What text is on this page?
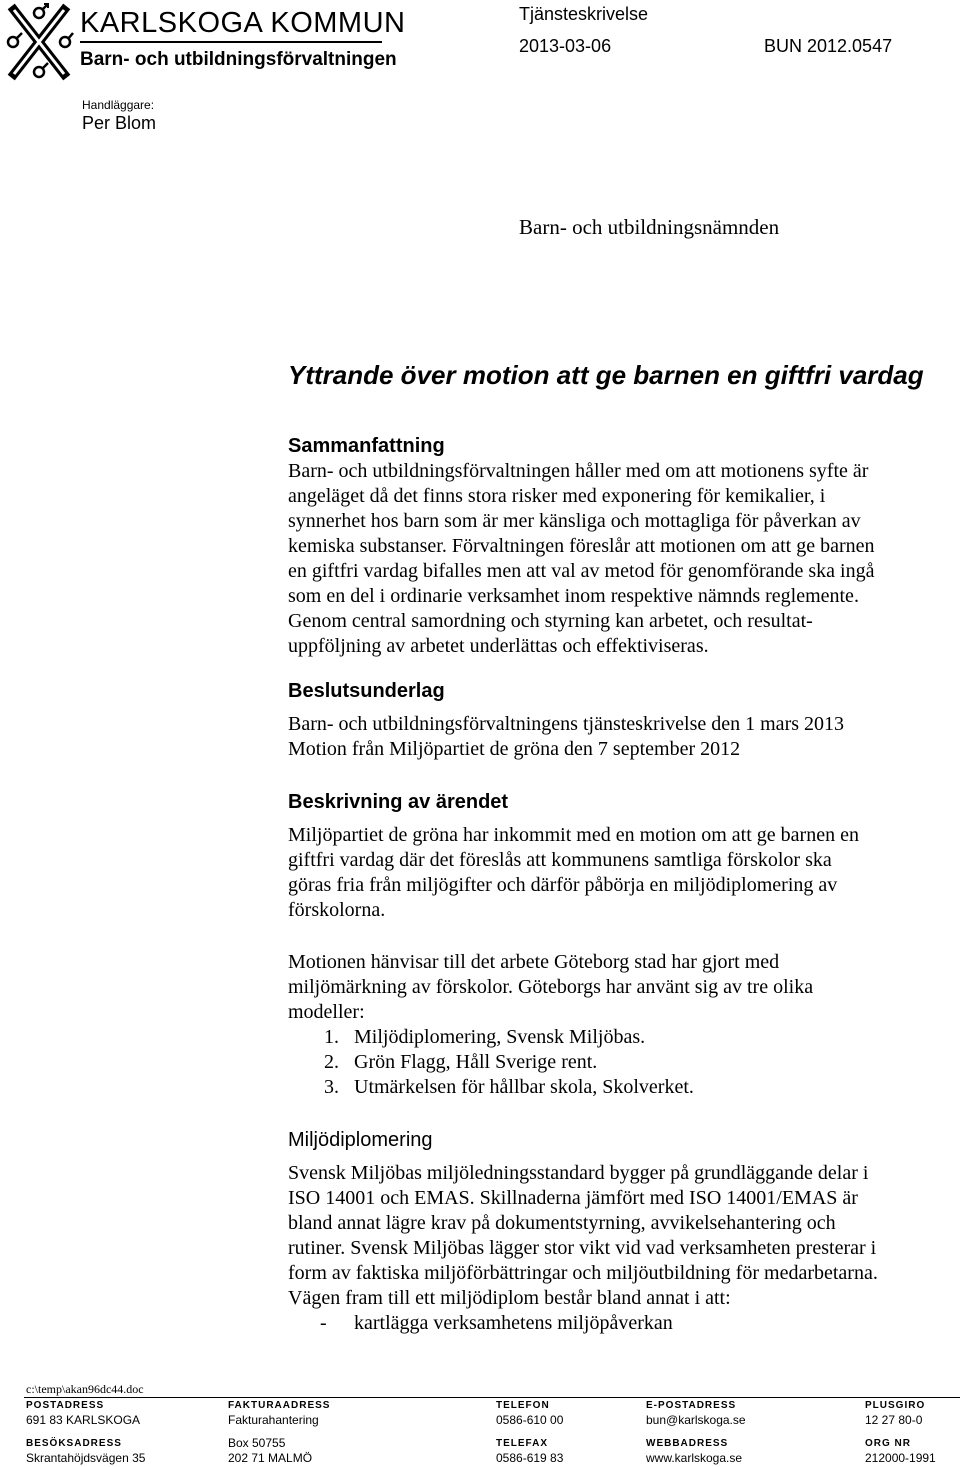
KARLSKOGA KOMMUN
Barn- och utbildningsförvaltningen
Tjänsteskrivelse
2013-03-06	BUN 2012.0547
Handläggare:
Per Blom
Barn- och utbildningsnämnden
Yttrande över motion att ge barnen en giftfri vardag
Sammanfattning

Barn- och utbildningsförvaltningen håller med om att motionens syfte är

angeläget då det finns stora risker med exponering för kemikalier, i

synnerhet hos barn som är mer känsliga och mottagliga för påverkan av

kemiska substanser. Förvaltningen föreslår att motionen om att ge barnen

en giftfri vardag bifalles men att val av metod för genomförande ska ingå

som en del i ordinarie verksamhet inom respektive nämnds reglemente.

Genom central samordning och styrning kan arbetet, och resultat-

uppföljning av arbetet underlättas och effektiviseras.

Beslutsunderlag

Barn- och utbildningsförvaltningens tjänsteskrivelse den 1 mars 2013

Motion från Miljöpartiet de gröna den 7 september 2012

Beskrivning av ärendet

Miljöpartiet de gröna har inkommit med en motion om att ge barnen en

giftfri vardag där det föreslås att kommunens samtliga förskolor ska

göras fria från miljögifter och därför påbörja en miljödiplomering av

förskolorna.

Motionen hänvisar till det arbete Göteborg stad har gjort med

miljömärkning av förskolor. Göteborgs har använt sig av tre olika

modeller:

1. Miljödiplomering, Svensk Miljöbas.
2. Grön Flagg, Håll Sverige rent.
3. Utmärkelsen för hållbar skola, Skolverket.
Miljödiplomering

Svensk Miljöbas miljöledningsstandard bygger på grundläggande delar i

ISO 14001 och EMAS. Skillnaderna jämfört med ISO 14001/EMAS är

bland annat lägre krav på dokumentstyrning, avvikelsehantering och

rutiner. Svensk Miljöbas lägger stor vikt vid vad verksamheten presterar i

form av faktiska miljöförbättringar och miljöutbildning för medarbetarna.

Vägen fram till ett miljödiplom består bland annat i att:

- kartlägga verksamhetens miljöpåverkan
c:\temp\akan96dc44.doc
POSTADRESS
691 83 KARLSKOGA
BESÖKSADRESS
Skrantahöjdsvägen 35
FAKTURAADRESS
Fakturahantering
Box 50755
202 71 MALMÖ
TELEFON
0586-610 00
TELEFAX
0586-619 83
E-POSTADRESS
bun@karlskoga.se
WEBBADRESS
www.karlskoga.se
PLUSGIRO
12 27 80-0
ORG NR
212000-1991
